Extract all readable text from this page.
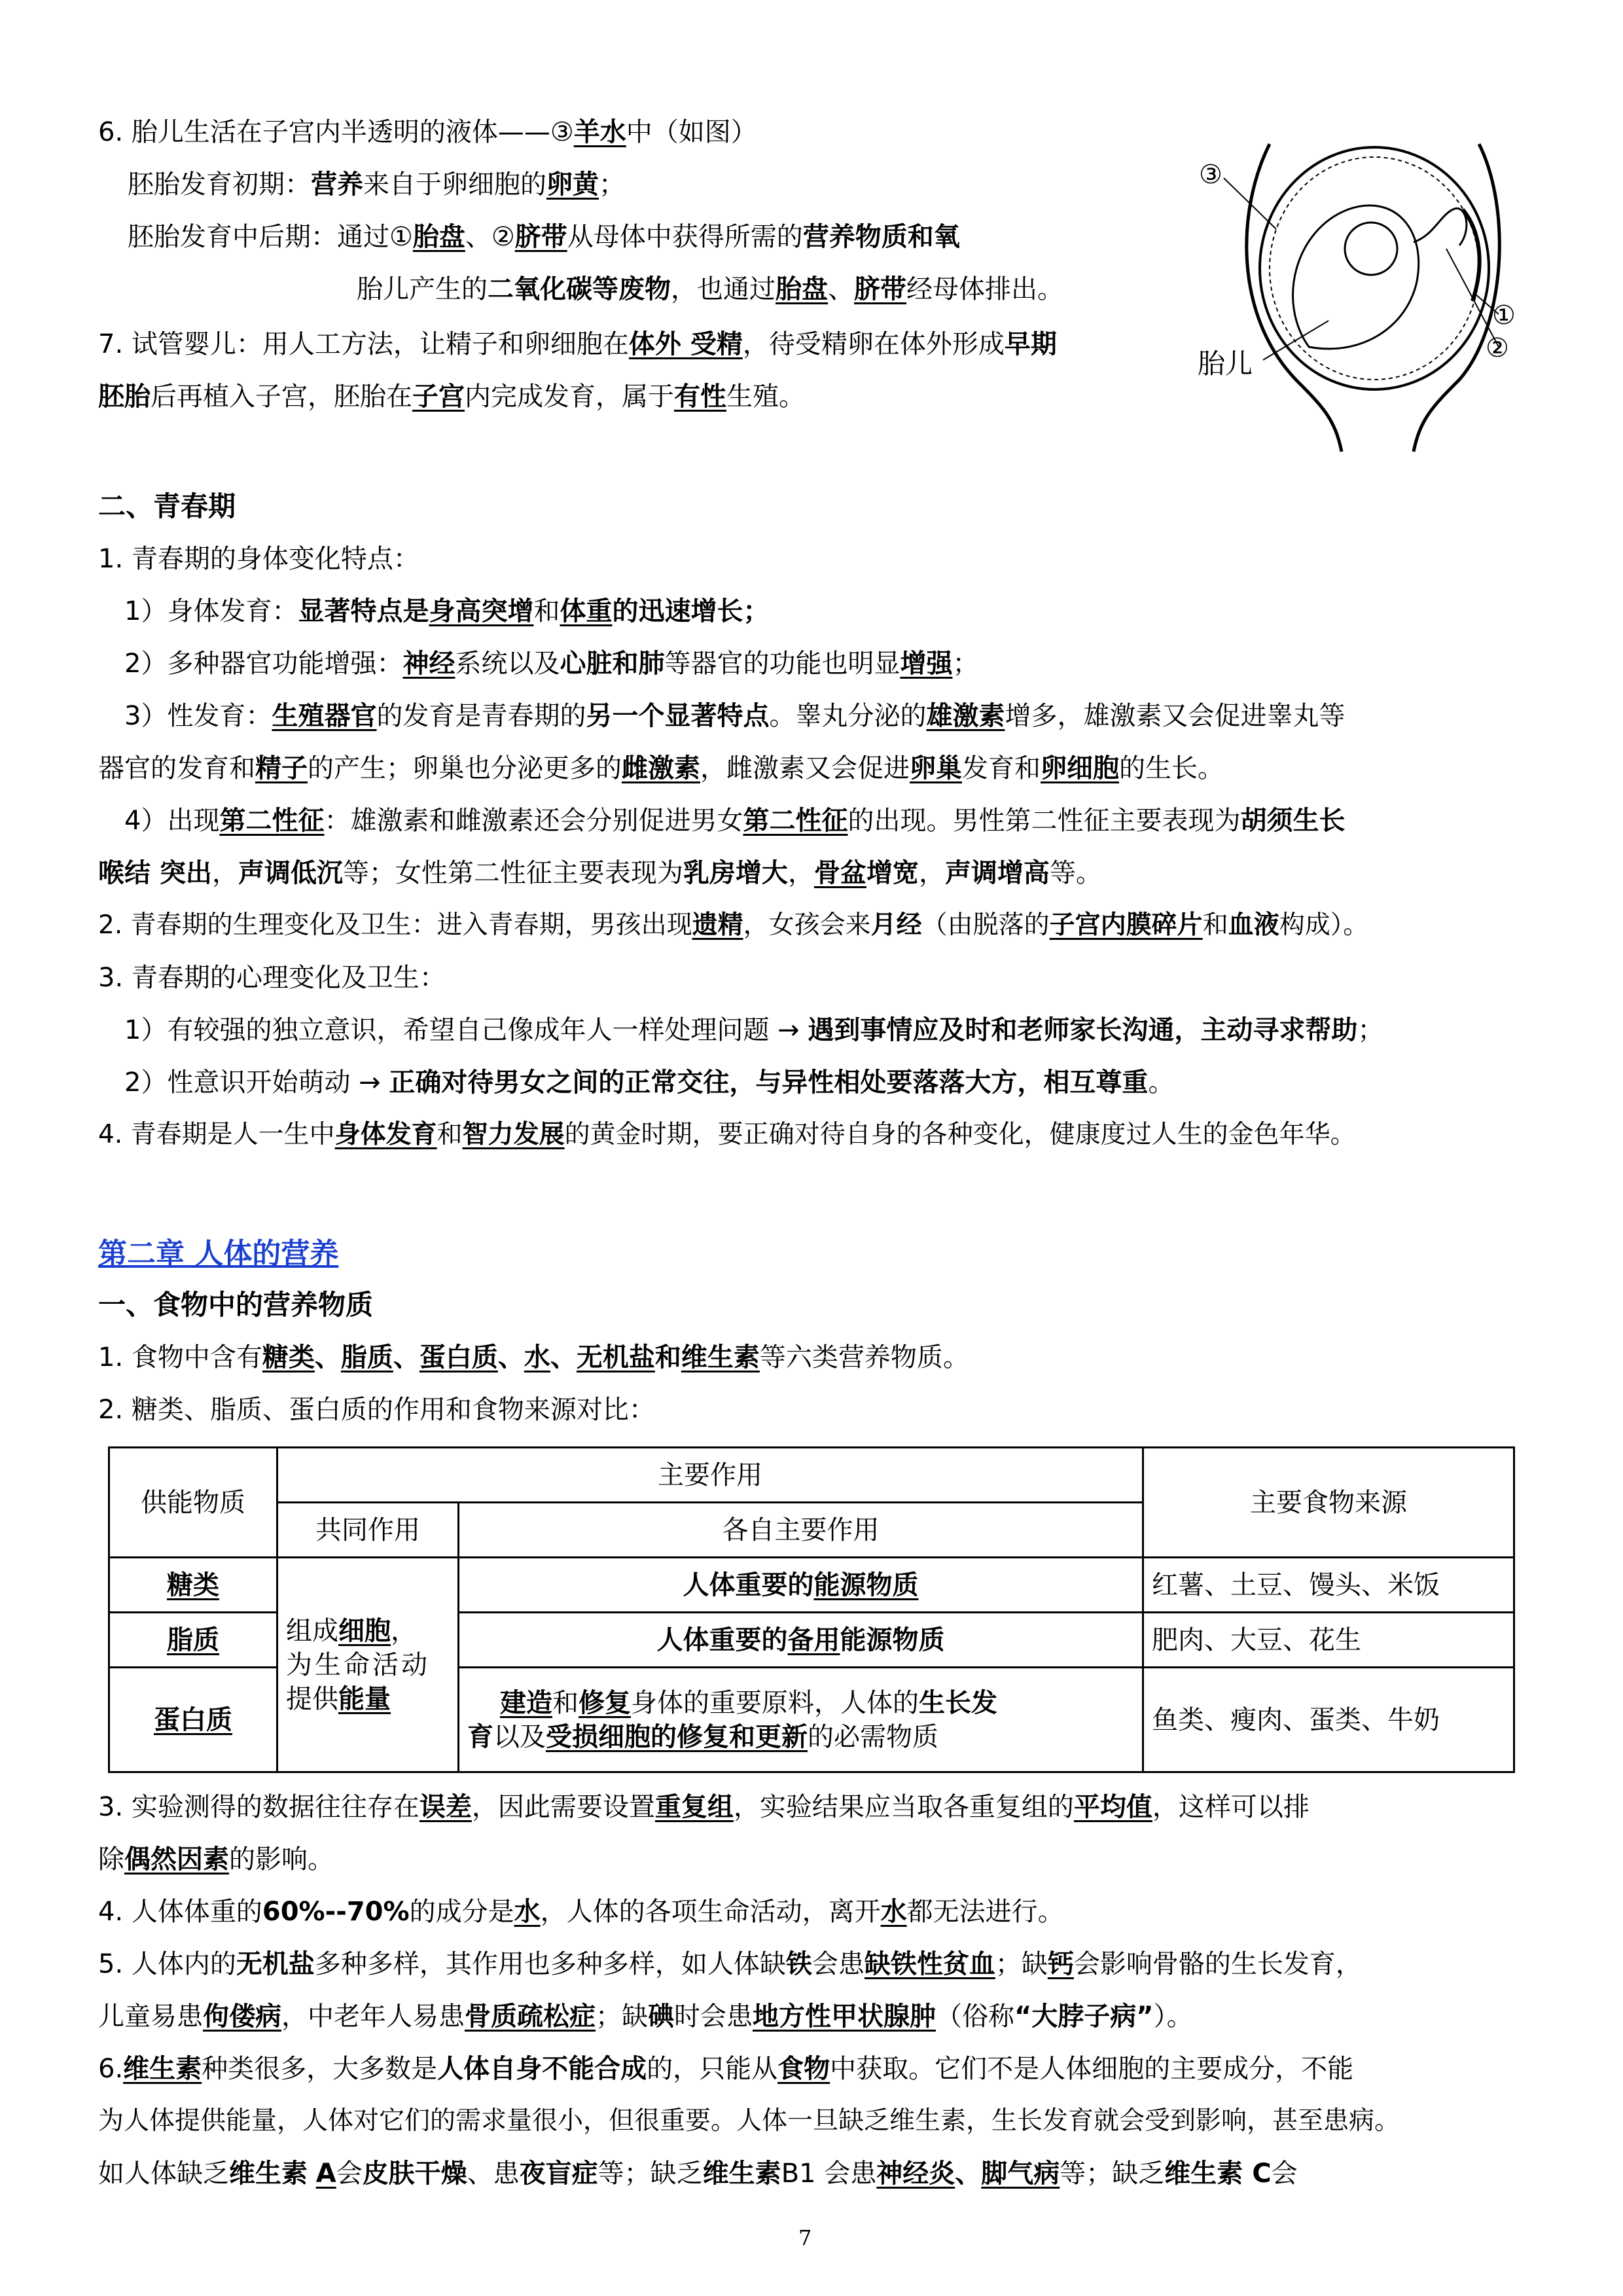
6. 胎儿生活在子宫内半透明的液体——③羊水中（如图）
胚胎发育初期：营养来自于卵细胞的卵黄；
胚胎发育中后期：通过①胎盘、②脐带从母体中获得所需的营养物质和氧
胎儿产生的二氧化碳等废物，也通过胎盘、脐带经母体排出。
7. 试管婴儿：用人工方法，让精子和卵细胞在体外 受精，待受精卵在体外形成早期
胚胎后再植入子宫，胚胎在子宫内完成发育，属于有性生殖。
③
①
②
胎儿
二、青春期
1. 青春期的身体变化特点：
1）身体发育：显著特点是身高突增和体重的迅速增长；
2）多种器官功能增强：神经系统以及心脏和肺等器官的功能也明显增强；
3）性发育：生殖器官的发育是青春期的另一个显著特点。睾丸分泌的雄激素增多，雄激素又会促进睾丸等
器官的发育和精子的产生；卵巢也分泌更多的雌激素，雌激素又会促进卵巢发育和卵细胞的生长。
4）出现第二性征：雄激素和雌激素还会分别促进男女第二性征的出现。男性第二性征主要表现为胡须生长
喉结 突出，声调低沉等；女性第二性征主要表现为乳房增大，骨盆增宽，声调增高等。
2. 青春期的生理变化及卫生：进入青春期，男孩出现遗精，女孩会来月经（由脱落的子宫内膜碎片和血液构成）。
3. 青春期的心理变化及卫生：
1）有较强的独立意识，希望自己像成年人一样处理问题 → 遇到事情应及时和老师家长沟通，主动寻求帮助；
2）性意识开始萌动 → 正确对待男女之间的正常交往，与异性相处要落落大方，相互尊重。
4. 青春期是人一生中身体发育和智力发展的黄金时期，要正确对待自身的各种变化，健康度过人生的金色年华。
第二章 人体的营养
一、食物中的营养物质
1. 食物中含有糖类、脂质、蛋白质、水、无机盐和维生素等六类营养物质。
2. 糖类、脂质、蛋白质的作用和食物来源对比：
供能物质	主要作用		主要食物来源
	共同作用	各自主要作用	
糖类	组成细胞，
为生命活动
提供能量	人体重要的能源物质	红薯、土豆、馒头、米饭
脂质		人体重要的备用能源物质	肥肉、大豆、花生
蛋白质		建造和修复身体的重要原料，人体的生长发
育以及受损细胞的修复和更新的必需物质	鱼类、瘦肉、蛋类、牛奶
3. 实验测得的数据往往存在误差，因此需要设置重复组，实验结果应当取各重复组的平均值，这样可以排
除偶然因素的影响。
4. 人体体重的60%--70%的成分是水，人体的各项生命活动，离开水都无法进行。
5. 人体内的无机盐多种多样，其作用也多种多样，如人体缺铁会患缺铁性贫血；缺钙会影响骨骼的生长发育，
儿童易患佝偻病，中老年人易患骨质疏松症；缺碘时会患地方性甲状腺肿（俗称“大脖子病”）。
6.维生素种类很多，大多数是人体自身不能合成的，只能从食物中获取。它们不是人体细胞的主要成分，不能
为人体提供能量，人体对它们的需求量很小，但很重要。人体一旦缺乏维生素，生长发育就会受到影响，甚至患病。
如人体缺乏维生素 A会皮肤干燥、患夜盲症等；缺乏维生素B1 会患神经炎、脚气病等；缺乏维生素 C会
7
